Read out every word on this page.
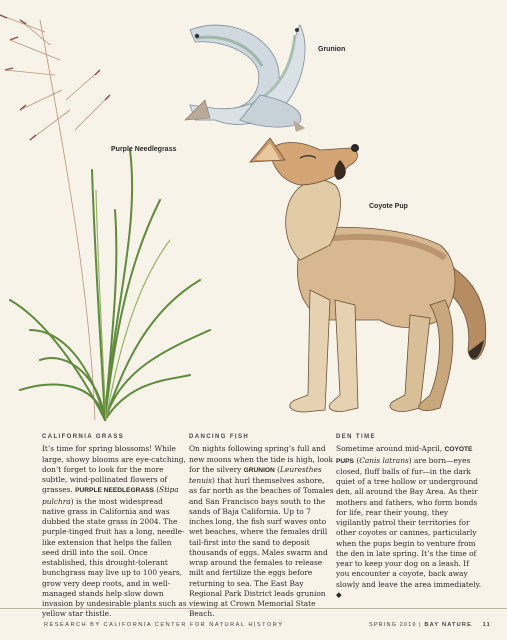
Grunion
Purple Needlegrass
Coyote Pup
CALIFORNIA GRASS

It’s time for spring blossoms! While large, showy blooms are eye-catching, don’t forget to look for the more subtle, wind-pollinated flowers of grasses. PURPLE NEEDLEGRASS (Stipa pulchra) is the most widespread native grass in California and was dubbed the state grass in 2004. The purple-tinged fruit has a long, needle-like extension that helps the fallen seed drill into the soil. Once established, this drought-tolerant bunchgrass may live up to 100 years, grow very deep roots, and in well-managed stands help slow down invasion by undesirable plants such as yellow star thistle.

DANCING FISH

On nights following spring’s full and new moons when the tide is high, look for the silvery GRUNION (Leuresthes tenuis) that hurl themselves ashore, as far north as the beaches of Tomales and San Francisco bays south to the sands of Baja California. Up to 7 inches long, the fish surf waves onto wet beaches, where the females drill tail-first into the sand to deposit thousands of eggs. Males swarm and wrap around the females to release milt and fertilize the eggs before returning to sea. The East Bay Regional Park District leads grunion viewing at Crown Memorial State Beach.

DEN TIME

Sometime around mid-April, COYOTE PUPS (Canis latrans) are born—eyes closed, fluff balls of fur—in the dark quiet of a tree hollow or underground den, all around the Bay Area. As their mothers and fathers, who form bonds for life, rear their young, they vigilantly patrol their territories for other coyotes or canines, particularly when the pups begin to venture from the den in late spring. It’s the time of year to keep your dog on a leash. If you encounter a coyote, back away slowly and leave the area immediately. ◆

RESEARCH BY CALIFORNIA CENTER FOR NATURAL HISTORY	SPRING 2019 | BAY NATURE 11
